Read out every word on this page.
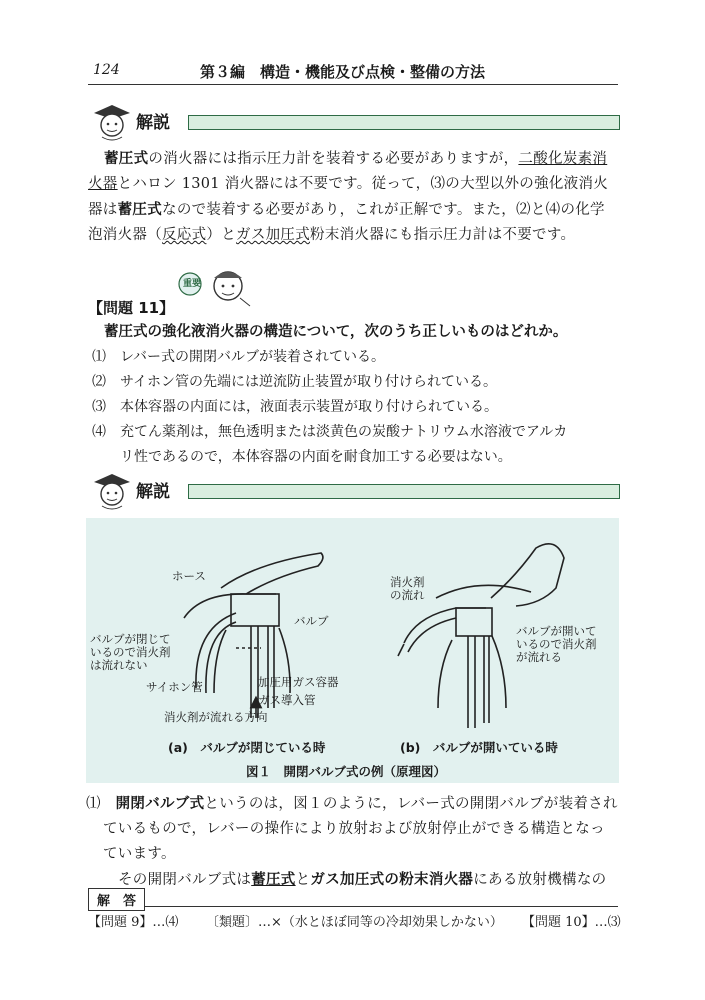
124	第３編　構造・機能及び点検・整備の方法
解説
蓄圧式の消火器には指示圧力計を装着する必要がありますが，二酸化炭素消
火器とハロン 1301 消火器には不要です。従って，⑶の大型以外の強化液消火
器は蓄圧式なので装着する必要があり，これが正解です。また，⑵と⑷の化学
泡消火器（反応式）とガス加圧式粉末消火器にも指示圧力計は不要です。
重要
【問題 11】
蓄圧式の強化液消火器の構造について，次のうち正しいものはどれか。
⑴ レバー式の開閉バルブが装着されている。
⑵ サイホン管の先端には逆流防止装置が取り付けられている。
⑶ 本体容器の内面には，液面表示装置が取り付けられている。
⑷ 充てん薬剤は，無色透明または淡黄色の炭酸ナトリウム水溶液でアルカ
リ性であるので，本体容器の内面を耐食加工する必要はない。
解説
ホース
バルブ
バルブが閉じて
いるので消火剤
は流れない
サイホン管	加圧用ガス容器
ガス導入管
消火剤が流れる方向
(a)　バルブが閉じている時
消火剤
の流れ
バルブが開いて
いるので消火剤
が流れる
(b)　バルブが開いている時
図１　開閉バルブ式の例（原理図）
⑴　開閉バルブ式というのは，図１のように，レバー式の開閉バルブが装着され
ているもので，レバーの操作により放射および放射停止ができる構造となっ
ています。
その開閉バルブ式は蓄圧式とガス加圧式の粉末消火器にある放射機構なの
解　答
【問題 9】…⑷ 〔類題〕…×（水とほぼ同等の冷却効果しかない） 【問題 10】…⑶
